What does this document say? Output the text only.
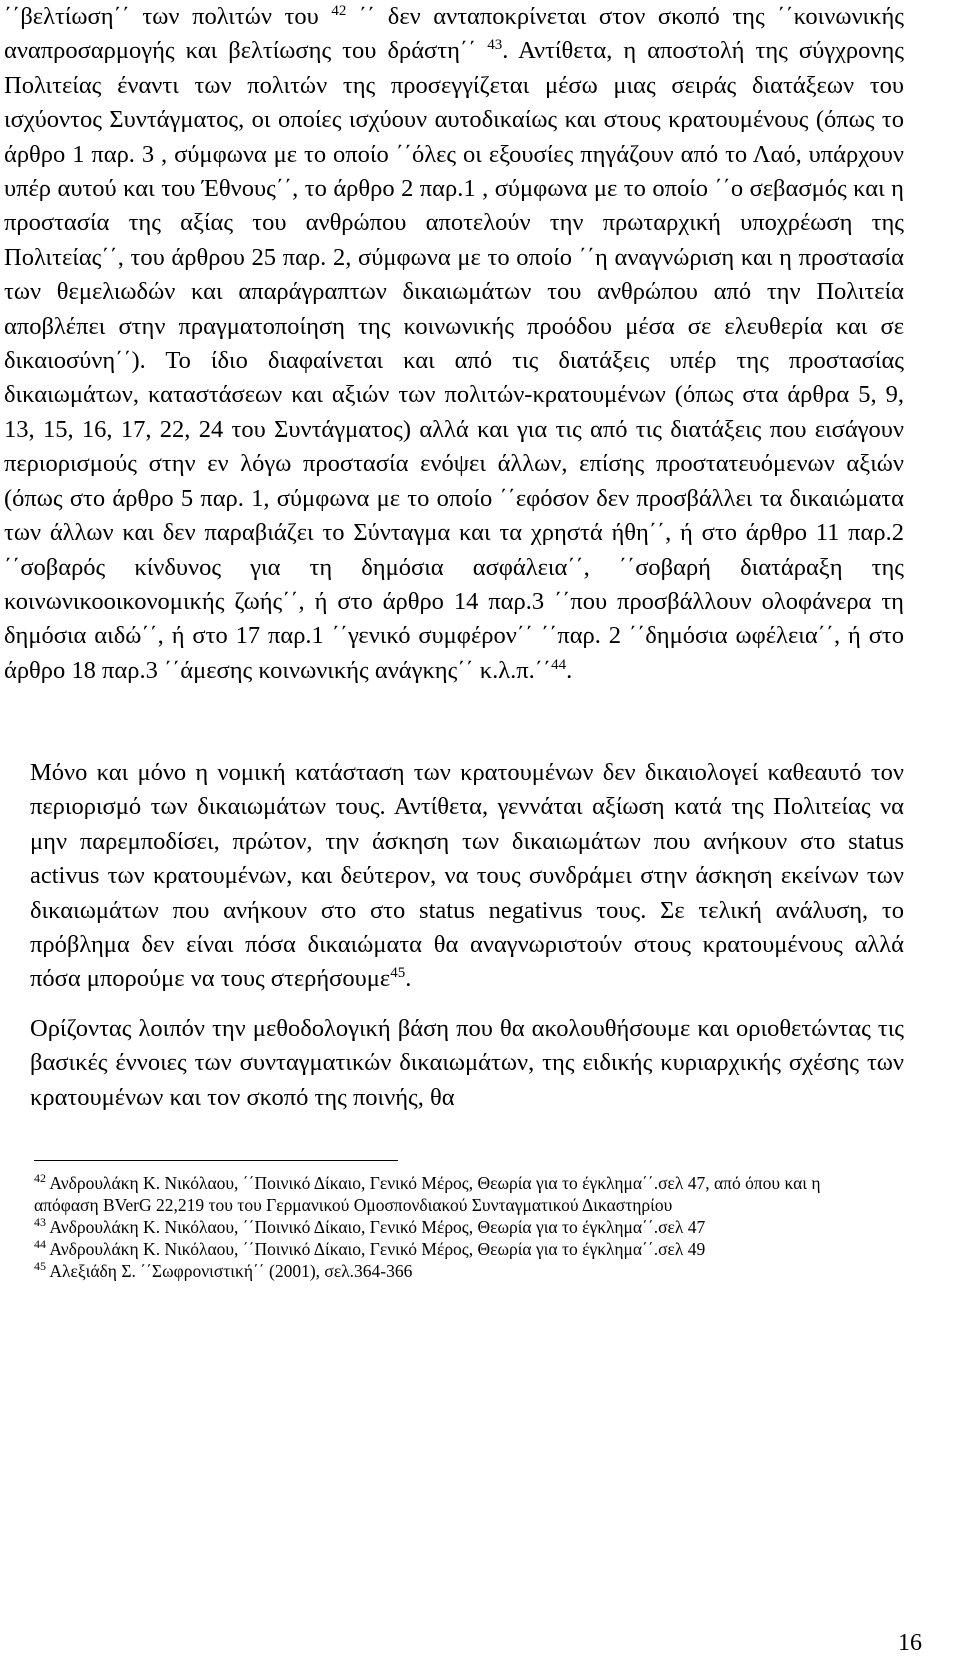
΄΄βελτίωση΄΄ των πολιτών του $^{42}$ ΄΄ δεν ανταποκρίνεται στον σκοπό της ΄΄κοινωνικής αναπροσαρμογής και βελτίωσης του δράστη΄΄ $^{43}$. Αντίθετα, η αποστολή της σύγχρονης Πολιτείας έναντι των πολιτών της προσεγγίζεται μέσω μιας σειράς διατάξεων του ισχύοντος Συντάγματος, οι οποίες ισχύουν αυτοδικαίως και στους κρατουμένους (όπως το άρθρο 1 παρ. 3 , σύμφωνα με το οποίο ΄΄όλες οι εξουσίες πηγάζουν από το Λαό, υπάρχουν υπέρ αυτού και του Έθνους΄΄, το άρθρο 2 παρ.1 , σύμφωνα με το οποίο ΄΄ο σεβασμός και η προστασία της αξίας του ανθρώπου αποτελούν την πρωταρχική υποχρέωση της Πολιτείας΄΄, του άρθρου 25 παρ. 2, σύμφωνα με το οποίο ΄΄η αναγνώριση και η προστασία των θεμελιωδών και απαράγραπτων δικαιωμάτων του ανθρώπου από την Πολιτεία αποβλέπει στην πραγματοποίηση της κοινωνικής προόδου μέσα σε ελευθερία και σε δικαιοσύνη΄΄). Το ίδιο διαφαίνεται και από τις διατάξεις υπέρ της προστασίας δικαιωμάτων, καταστάσεων και αξιών των πολιτών-κρατουμένων (όπως στα άρθρα 5, 9, 13, 15, 16, 17, 22, 24 του Συντάγματος) αλλά και για τις από τις διατάξεις που εισάγουν περιορισμούς στην εν λόγω προστασία ενόψει άλλων, επίσης προστατευόμενων αξιών (όπως στο άρθρο 5 παρ. 1, σύμφωνα με το οποίο ΄΄εφόσον δεν προσβάλλει τα δικαιώματα των άλλων και δεν παραβιάζει το Σύνταγμα και τα χρηστά ήθη΄΄, ή στο άρθρο 11 παρ.2 ΄΄σοβαρός κίνδυνος για τη δημόσια ασφάλεια΄΄, ΄΄σοβαρή διατάραξη της κοινωνικοοικονομικής ζωής΄΄, ή στο άρθρο 14 παρ.3 ΄΄που προσβάλλουν ολοφάνερα τη δημόσια αιδώ΄΄, ή στο 17 παρ.1 ΄΄γενικό συμφέρον΄΄ ΄΄παρ. 2 ΄΄δημόσια ωφέλεια΄΄, ή στο άρθρο 18 παρ.3 ΄΄άμεσης κοινωνικής ανάγκης΄΄ κ.λ.π.΄΄$^{44}$.

Μόνο και μόνο η νομική κατάσταση των κρατουμένων δεν δικαιολογεί καθεαυτό τον περιορισμό των δικαιωμάτων τους. Αντίθετα, γεννάται αξίωση κατά της Πολιτείας να μην παρεμποδίσει, πρώτον, την άσκηση των δικαιωμάτων που ανήκουν στο status activus των κρατουμένων, και δεύτερον, να τους συνδράμει στην άσκηση εκείνων των δικαιωμάτων που ανήκουν στο στο status negativus τους. Σε τελική ανάλυση, το πρόβλημα δεν είναι πόσα δικαιώματα θα αναγνωριστούν στους κρατουμένους αλλά πόσα μπορούμε να τους στερήσουμε$^{45}$.

Ορίζοντας λοιπόν την μεθοδολογική βάση που θα ακολουθήσουμε και οριοθετώντας τις βασικές έννοιες των συνταγματικών δικαιωμάτων, της ειδικής κυριαρχικής σχέσης των κρατουμένων και τον σκοπό της ποινής, θα

$^{42}$ Ανδρουλάκη Κ. Νικόλαου, ΄΄Ποινικό Δίκαιο, Γενικό Μέρος, Θεωρία για το έγκλημα΄΄.σελ 47, από όπου και η απόφαση BVerG 22,219 του του Γερμανικού Ομοσπονδιακού Συνταγματικού Δικαστηρίου

$^{43}$ Ανδρουλάκη Κ. Νικόλαου, ΄΄Ποινικό Δίκαιο, Γενικό Μέρος, Θεωρία για το έγκλημα΄΄.σελ 47

$^{44}$ Ανδρουλάκη Κ. Νικόλαου, ΄΄Ποινικό Δίκαιο, Γενικό Μέρος, Θεωρία για το έγκλημα΄΄.σελ 49

$^{45}$ Αλεξιάδη Σ. ΄΄Σωφρονιστική΄΄ (2001), σελ.364-366

16
